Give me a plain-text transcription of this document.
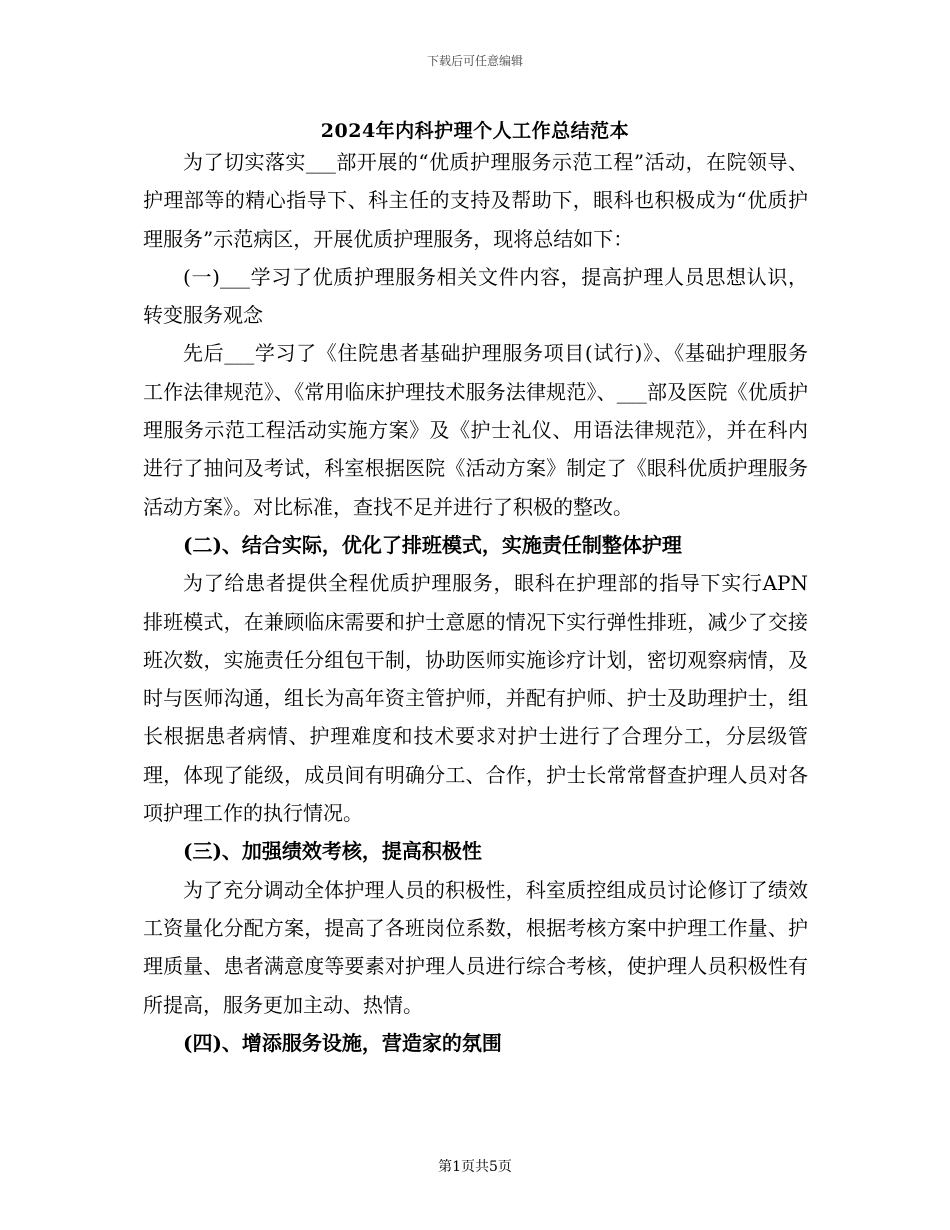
下载后可任意编辑
2024年内科护理个人工作总结范本

为了切实落实___部开展的“优质护理服务示范工程”活动，在院领导、护理部等的精心指导下、科主任的支持及帮助下，眼科也积极成为“优质护理服务”示范病区，开展优质护理服务，现将总结如下：

(一)___学习了优质护理服务相关文件内容，提高护理人员思想认识，转变服务观念

先后___学习了《住院患者基础护理服务项目(试行)》、《基础护理服务工作法律规范》、《常用临床护理技术服务法律规范》、___部及医院《优质护理服务示范工程活动实施方案》及《护士礼仪、用语法律规范》，并在科内进行了抽问及考试，科室根据医院《活动方案》制定了《眼科优质护理服务活动方案》。对比标准，查找不足并进行了积极的整改。

(二)、结合实际，优化了排班模式，实施责任制整体护理

为了给患者提供全程优质护理服务，眼科在护理部的指导下实行APN排班模式，在兼顾临床需要和护士意愿的情况下实行弹性排班，减少了交接班次数，实施责任分组包干制，协助医师实施诊疗计划，密切观察病情，及时与医师沟通，组长为高年资主管护师，并配有护师、护士及助理护士，组长根据患者病情、护理难度和技术要求对护士进行了合理分工，分层级管理，体现了能级，成员间有明确分工、合作，护士长常常督查护理人员对各项护理工作的执行情况。

(三)、加强绩效考核，提高积极性

为了充分调动全体护理人员的积极性，科室质控组成员讨论修订了绩效工资量化分配方案，提高了各班岗位系数，根据考核方案中护理工作量、护理质量、患者满意度等要素对护理人员进行综合考核，使护理人员积极性有所提高，服务更加主动、热情。

(四)、增添服务设施，营造家的氛围

第1页共5页
